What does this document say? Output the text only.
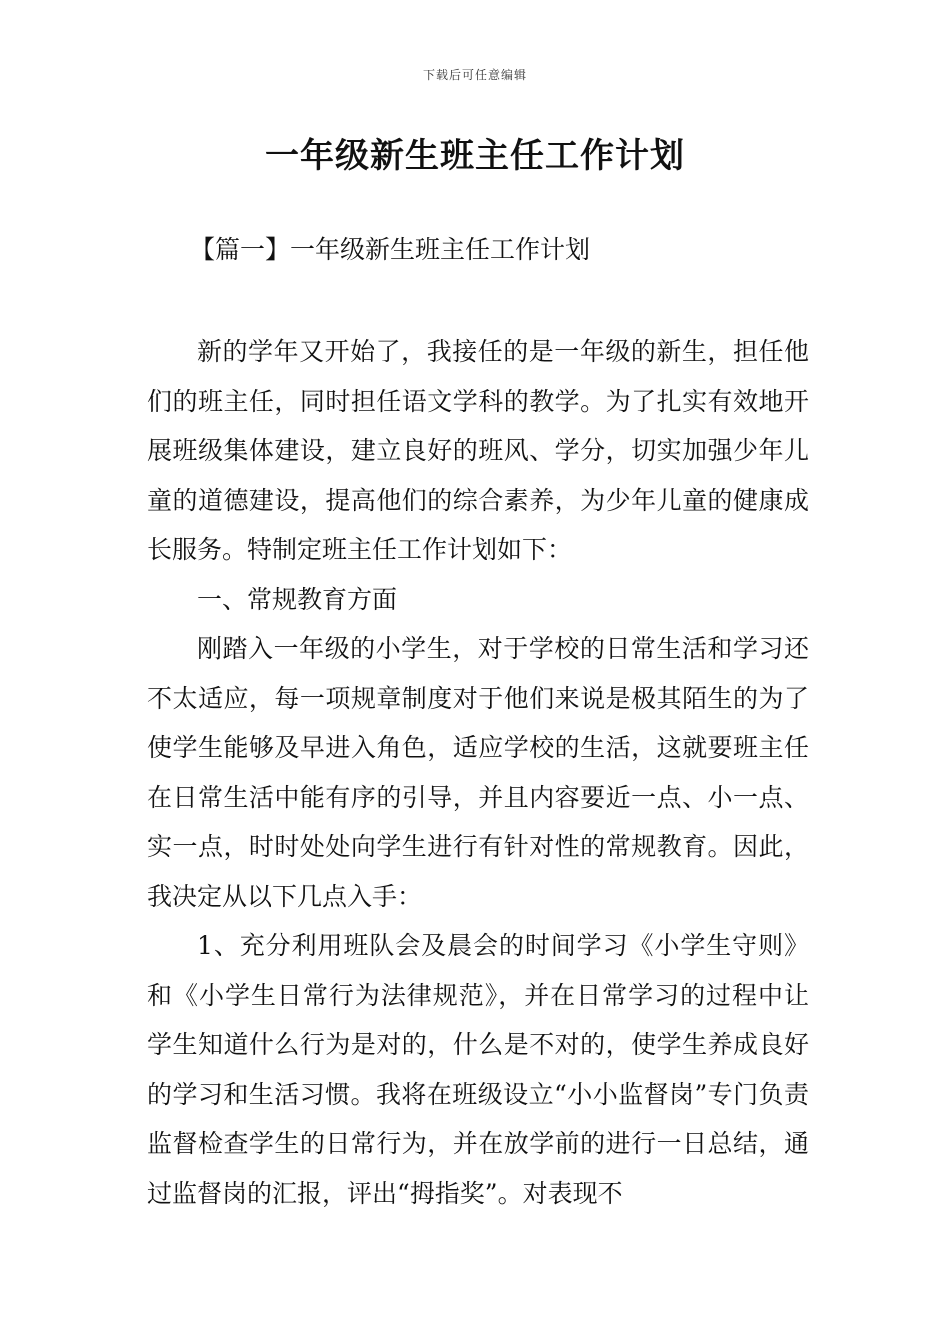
下载后可任意编辑
一年级新生班主任工作计划
【篇一】一年级新生班主任工作计划

新的学年又开始了，我接任的是一年级的新生，担任他们的班主任，同时担任语文学科的教学。为了扎实有效地开展班级集体建设，建立良好的班风、学分，切实加强少年儿童的道德建设，提高他们的综合素养，为少年儿童的健康成长服务。特制定班主任工作计划如下：

一、常规教育方面

刚踏入一年级的小学生，对于学校的日常生活和学习还不太适应，每一项规章制度对于他们来说是极其陌生的为了使学生能够及早进入角色，适应学校的生活，这就要班主任在日常生活中能有序的引导，并且内容要近一点、小一点、实一点，时时处处向学生进行有针对性的常规教育。因此，我决定从以下几点入手：

1、充分利用班队会及晨会的时间学习《小学生守则》和《小学生日常行为法律规范》，并在日常学习的过程中让学生知道什么行为是对的，什么是不对的，使学生养成良好的学习和生活习惯。我将在班级设立“小小监督岗”专门负责监督检查学生的日常行为，并在放学前的进行一日总结，通过监督岗的汇报，评出“拇指奖”。对表现不
